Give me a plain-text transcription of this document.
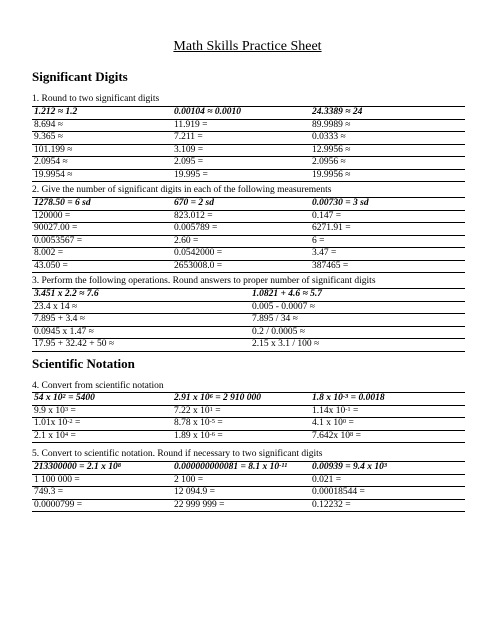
Math Skills Practice Sheet
Significant Digits
1. Round to two significant digits
1.212 ≈ 1.2	0.00104 ≈ 0.0010	24.3389 ≈ 24
8.694 ≈	11.919 =	89.9989 ≈
9.365 ≈	7.211 =	0.0333 ≈
101.199 ≈	3.109 =	12.9956 ≈
2.0954 ≈	2.095 =	2.0956 ≈
19.9954 ≈	19.995 =	19.9956 ≈
2. Give the number of significant digits in each of the following measurements
1278.50 = 6 sd	670 = 2 sd	0.00730 = 3 sd
120000 =	823.012 =	0.147 =
90027.00 =	0.005789 =	6271.91 =
0.0053567 =	2.60 =	6 =
8.002 =	0.0542000 =	3.47 =
43.050 =	2653008.0 =	387465 =
3. Perform the following operations. Round answers to proper number of significant digits
3.451 x 2.2 ≈ 7.6	1.0821 + 4.6 ≈ 5.7
23.4 x 14 ≈	0.005 - 0.0007 ≈
7.895 + 3.4 ≈	7.895 / 34 ≈
0.0945 x 1.47 ≈	0.2 / 0.0005 ≈
17.95 + 32.42 + 50 ≈	2.15 x 3.1 / 100 ≈
Scientific Notation
4. Convert from scientific notation
54 x $10^2 = 5400$	2.91 x $10^6 = 2$ 910 000	1.8 x $10^{-3} = 0.0018$
9.9 x $10^3$ =	7.22 x $10^1$ =	1.14x $10^{-1}$ =
1.01x $10^{-2}$ =	8.78 x $10^{-5}$ =	4.1 x $10^0$ =
2.1 x $10^4$ =	1.89 x $10^{-6}$ =	7.642x $10^8$ =
5. Convert to scientific notation. Round if necessary to two significant digits
213300000 = 2.1 x $10^8$	0.000000000081 = 8.1 x $10^{-11}$	0.00939 = 9.4 x $10^3$
1 100 000 =	2 100 =	0.021 =
749.3 =	12 094.9 =	0.00018544 =
0.0000799 =	22 999 999 =	0.12232 =
